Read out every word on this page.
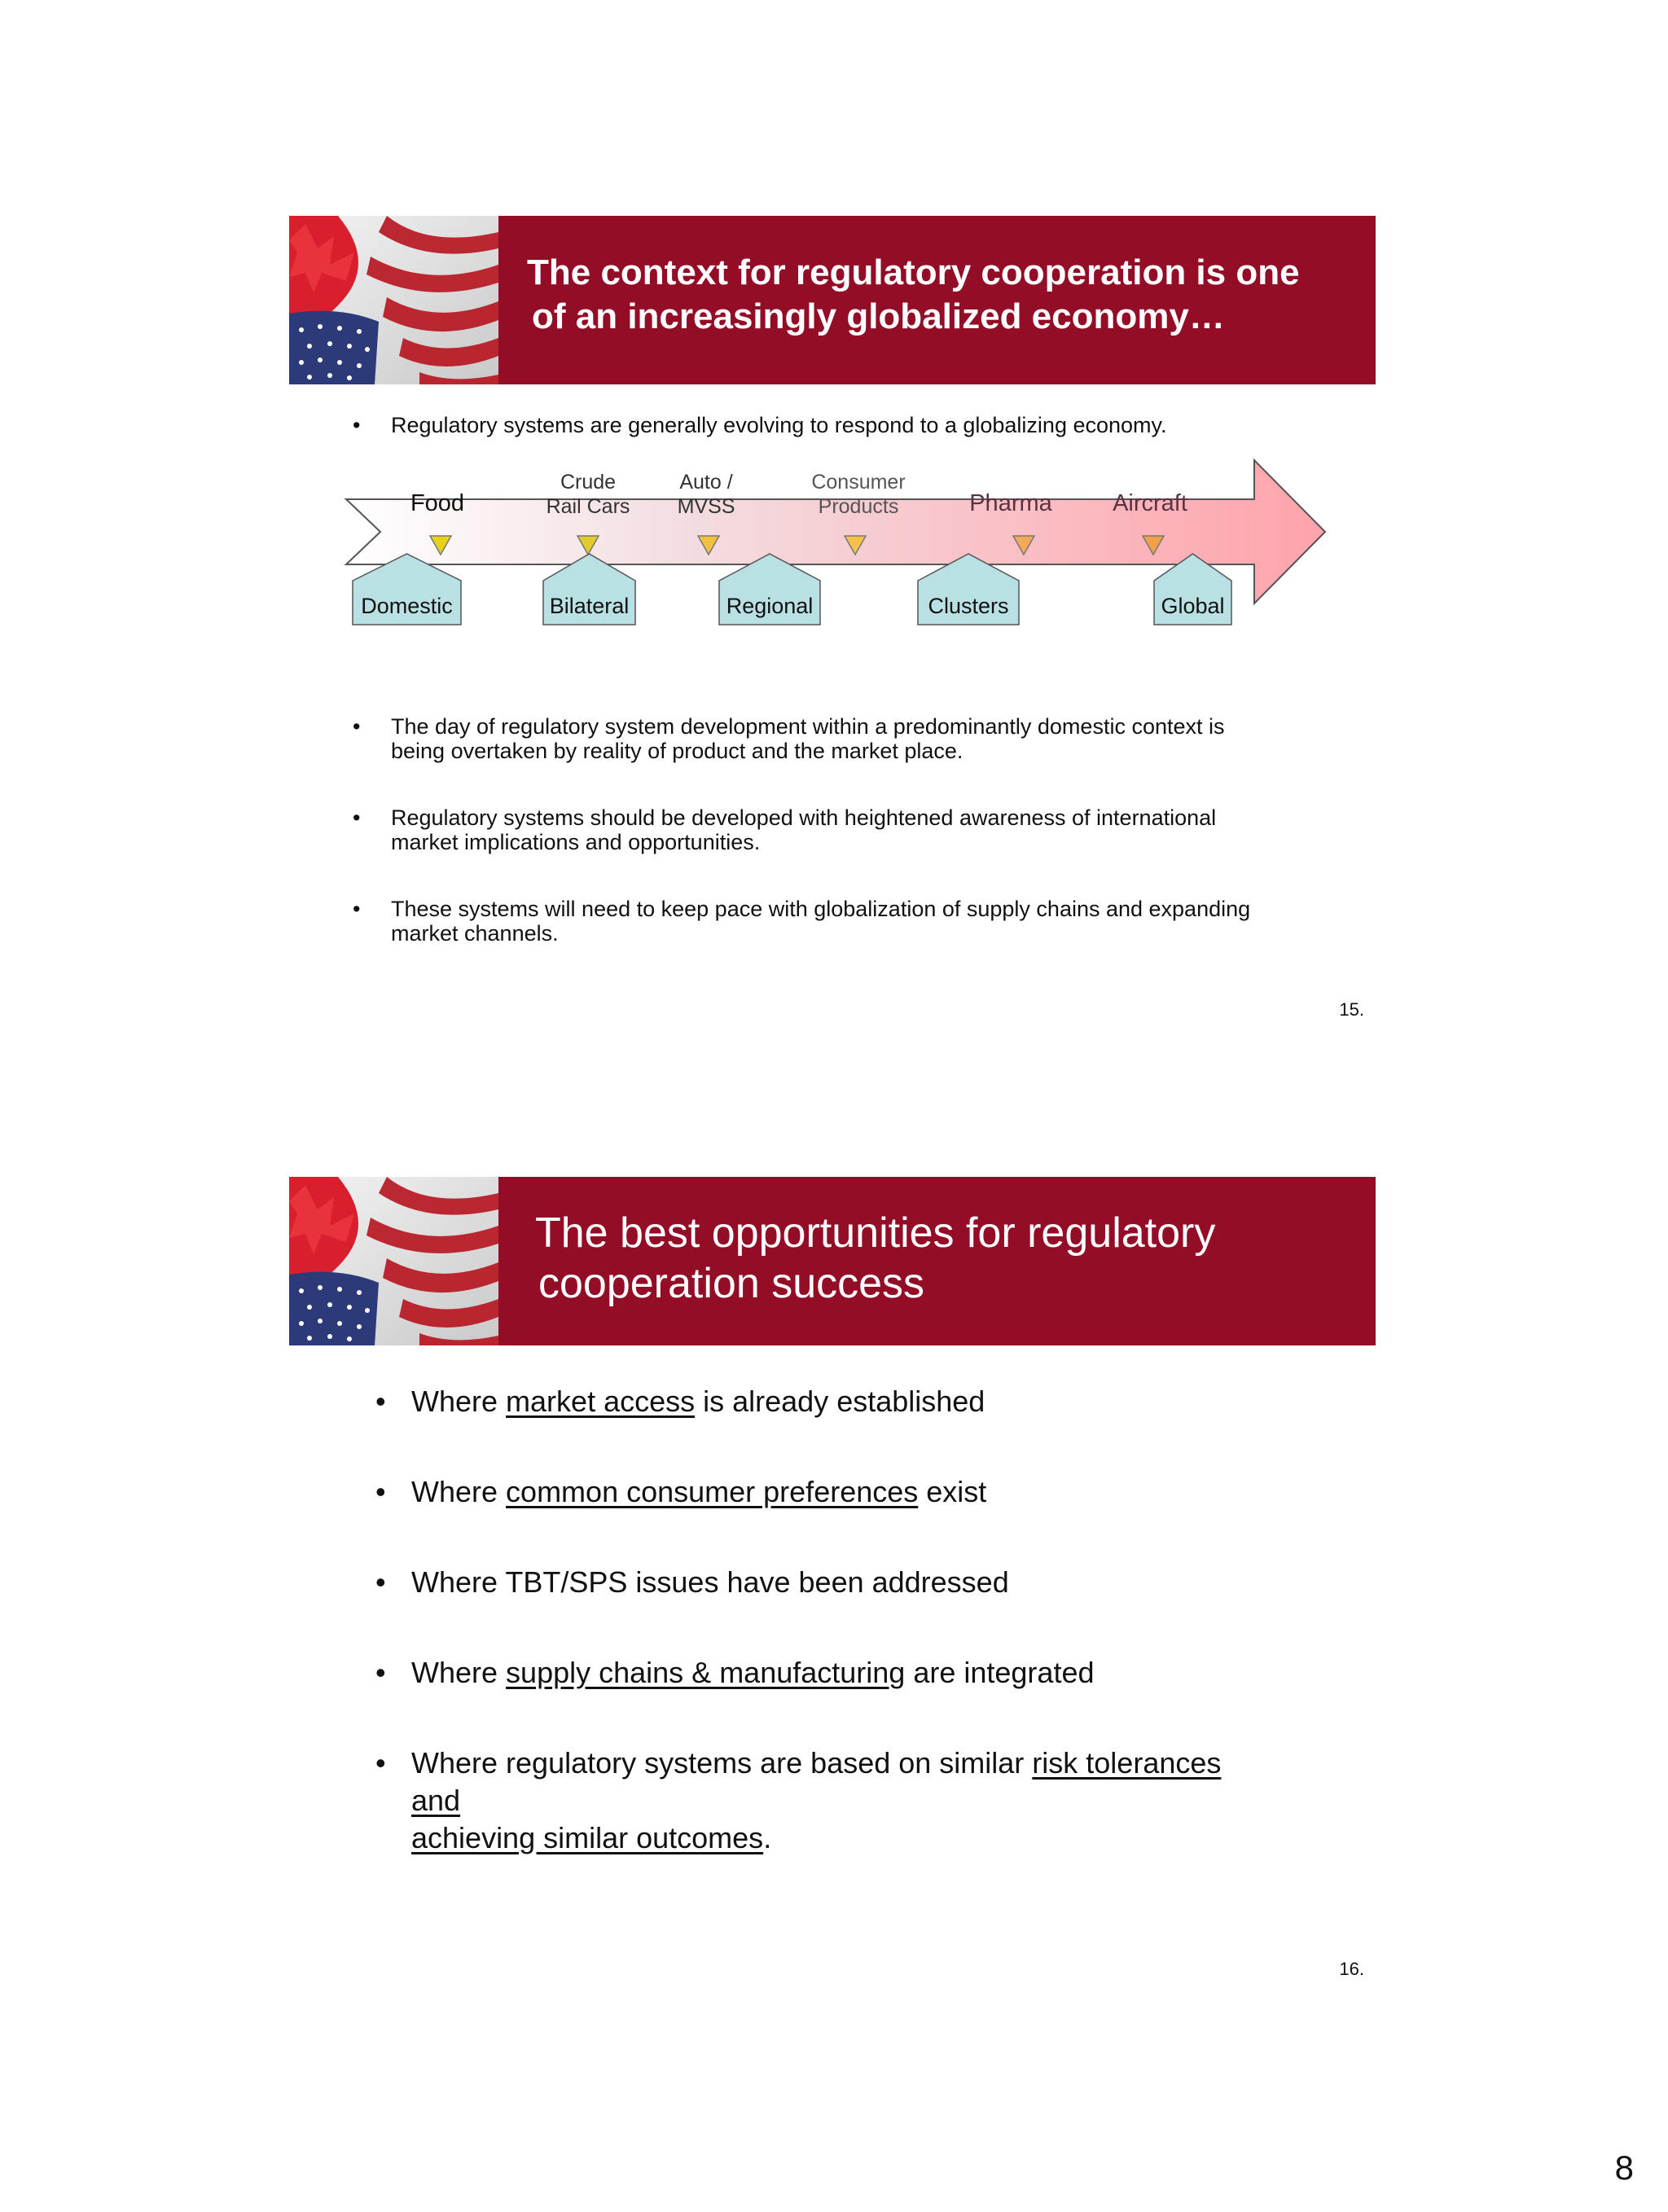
The context for regulatory cooperation is one
of an increasingly globalized economy…
• Regulatory systems are generally evolving to respond to a globalizing economy.
Food
Crude
Rail Cars
Auto /
MVSS
Consumer
Products	Pharma	Aircraft
Domestic	Bilateral	Regional	Clusters	Global
• The day of regulatory system development within a predominantly domestic context is
being overtaken by reality of product and the market place.
• Regulatory systems should be developed with heightened awareness of international
market implications and opportunities.
• These systems will need to keep pace with globalization of supply chains and expanding
market channels.
15.
The best opportunities for regulatory
cooperation success
• Where market access is already established
• Where common consumer preferences exist
• Where TBT/SPS issues have been addressed
• Where supply chains & manufacturing are integrated
• Where regulatory systems are based on similar risk tolerances and
achieving similar outcomes.
16.
8
